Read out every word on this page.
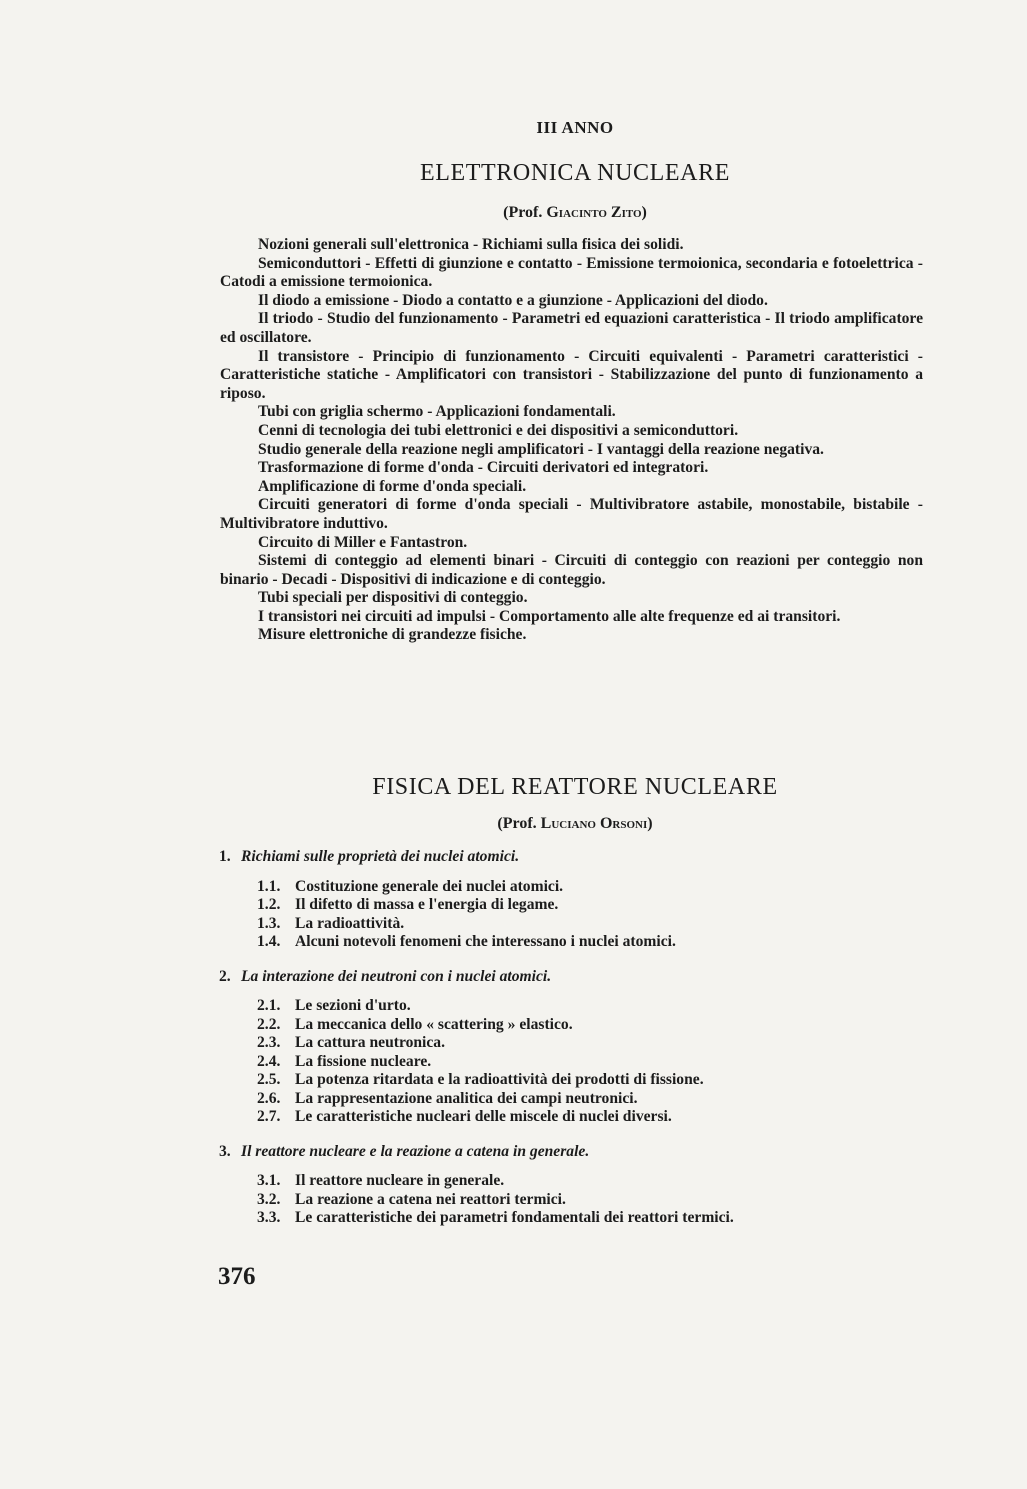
III ANNO
ELETTRONICA NUCLEARE
(Prof. Giacinto Zito)

Nozioni generali sull'elettronica - Richiami sulla fisica dei solidi.

Semiconduttori - Effetti di giunzione e contatto - Emissione termoionica, secondaria e fotoelettrica - Catodi a emissione termoionica.

Il diodo a emissione - Diodo a contatto e a giunzione - Applicazioni del diodo.

Il triodo - Studio del funzionamento - Parametri ed equazioni caratteristica - Il triodo amplificatore ed oscillatore.

Il transistore - Principio di funzionamento - Circuiti equivalenti - Parametri caratteristici - Caratteristiche statiche - Amplificatori con transistori - Stabilizzazione del punto di funzionamento a riposo.

Tubi con griglia schermo - Applicazioni fondamentali.

Cenni di tecnologia dei tubi elettronici e dei dispositivi a semiconduttori.

Studio generale della reazione negli amplificatori - I vantaggi della reazione negativa.

Trasformazione di forme d'onda - Circuiti derivatori ed integratori.

Amplificazione di forme d'onda speciali.

Circuiti generatori di forme d'onda speciali - Multivibratore astabile, monostabile, bistabile - Multivibratore induttivo.

Circuito di Miller e Fantastron.

Sistemi di conteggio ad elementi binari - Circuiti di conteggio con reazioni per conteggio non binario - Decadi - Dispositivi di indicazione e di conteggio.

Tubi speciali per dispositivi di conteggio.

I transistori nei circuiti ad impulsi - Comportamento alle alte frequenze ed ai transitori.

Misure elettroniche di grandezze fisiche.

FISICA DEL REATTORE NUCLEARE
(Prof. Luciano Orsoni)

1. Richiami sulle proprietà dei nuclei atomici.

1.1. Costituzione generale dei nuclei atomici.

1.2. Il difetto di massa e l'energia di legame.

1.3. La radioattività.

1.4. Alcuni notevoli fenomeni che interessano i nuclei atomici.

2. La interazione dei neutroni con i nuclei atomici.

2.1. Le sezioni d'urto.

2.2. La meccanica dello « scattering » elastico.

2.3. La cattura neutronica.

2.4. La fissione nucleare.

2.5. La potenza ritardata e la radioattività dei prodotti di fissione.

2.6. La rappresentazione analitica dei campi neutronici.

2.7. Le caratteristiche nucleari delle miscele di nuclei diversi.

3. Il reattore nucleare e la reazione a catena in generale.

3.1. Il reattore nucleare in generale.

3.2. La reazione a catena nei reattori termici.

3.3. Le caratteristiche dei parametri fondamentali dei reattori termici.

376
